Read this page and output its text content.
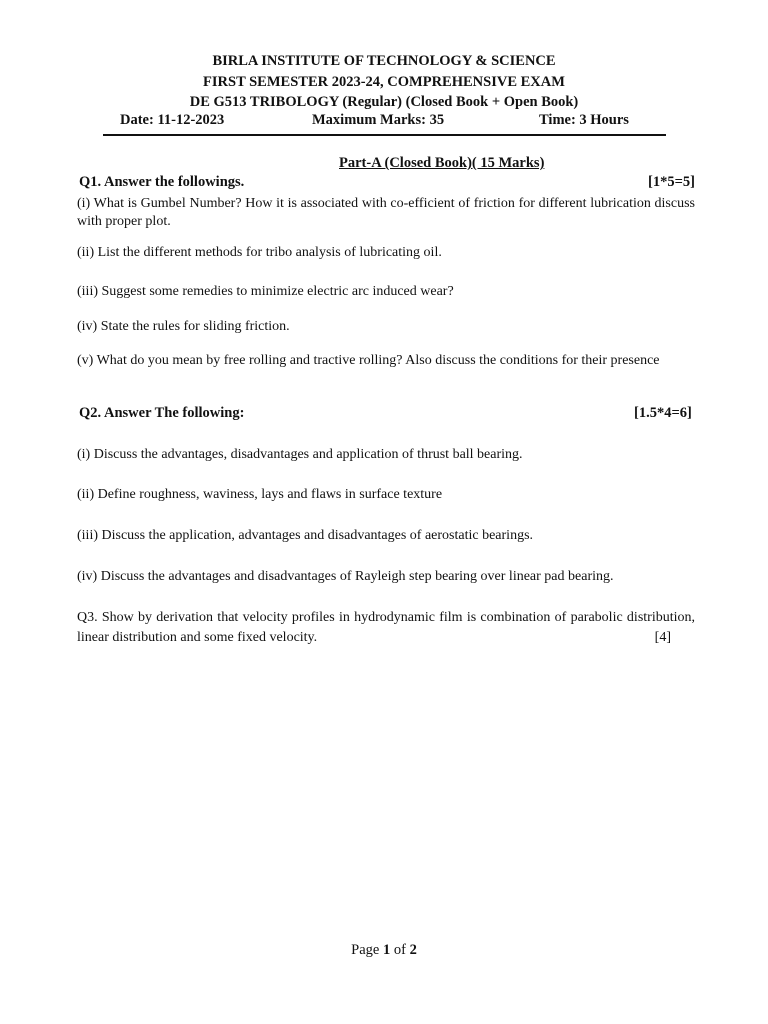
BIRLA INSTITUTE OF TECHNOLOGY & SCIENCE
FIRST SEMESTER 2023-24, COMPREHENSIVE EXAM
DE G513 TRIBOLOGY (Regular) (Closed Book + Open Book)
Date: 11-12-2023	Maximum Marks: 35	Time: 3 Hours
Part-A (Closed Book)( 15 Marks)
Q1. Answer the followings.	[1*5=5]
(i) What is Gumbel Number? How it is associated with co-efficient of friction for different lubrication discuss with proper plot.
(ii) List the different methods for tribo analysis of lubricating oil.
(iii) Suggest some remedies to minimize electric arc induced wear?
(iv) State the rules for sliding friction.
(v) What do you mean by free rolling and tractive rolling? Also discuss the conditions for their presence
Q2. Answer The following:	[1.5*4=6]
(i) Discuss the advantages, disadvantages and application of thrust ball bearing.
(ii) Define roughness, waviness, lays and flaws in surface texture
(iii) Discuss the application, advantages and disadvantages of aerostatic bearings.
(iv) Discuss the advantages and disadvantages of Rayleigh step bearing over linear pad bearing.
Q3. Show by derivation that velocity profiles in hydrodynamic film is combination of parabolic distribution, linear distribution and some fixed velocity.	[4]
Page 1 of 2
